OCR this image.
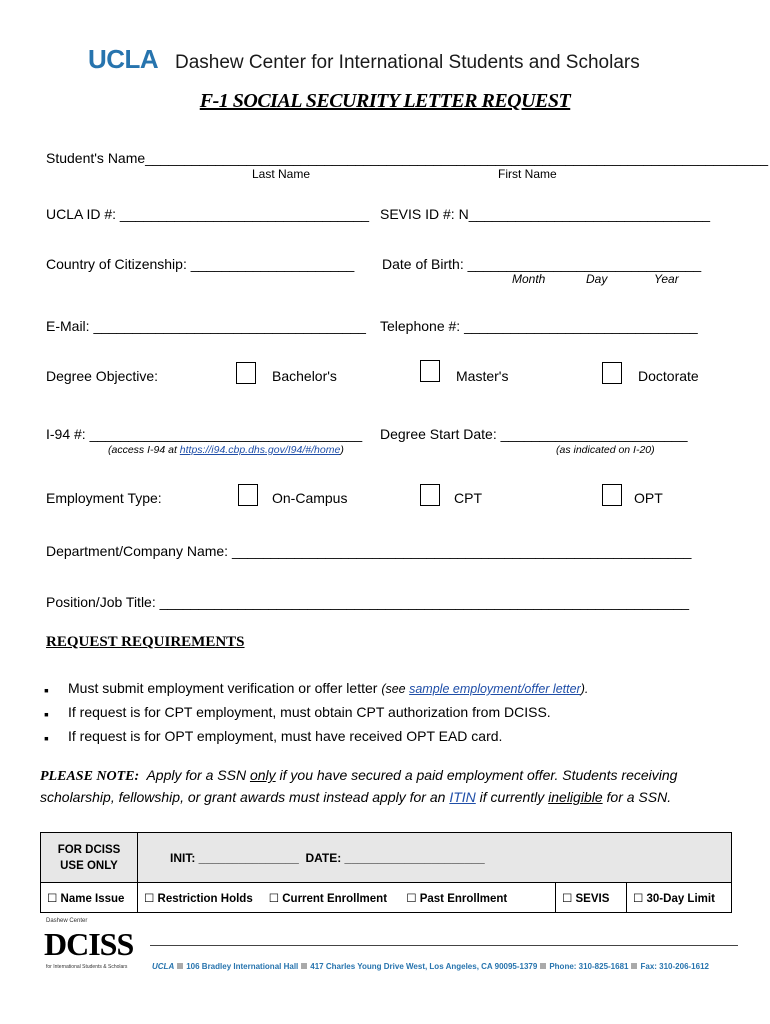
UCLA Dashew Center for International Students and Scholars
F-1 SOCIAL SECURITY LETTER REQUEST
Student's Name________________________________________________________________________________
Last Name	First Name
UCLA ID #: ________________________________ SEVIS ID #: N_______________________________
Country of Citizenship: _____________________ Date of Birth: ______________________________
Month	Day	Year
E-Mail: ___________________________________ Telephone #: ______________________________
Degree Objective:	Bachelor's	Master's	Doctorate
I-94 #: ___________________________________
(access I-94 at https://i94.cbp.dhs.gov/I94/#/home)
Degree Start Date: ________________________
(as indicated on I-20)
Employment Type:	On-Campus	CPT	OPT
Department/Company Name: ___________________________________________________________
Position/Job Title: ____________________________________________________________________
REQUEST REQUIREMENTS
▪ Must submit employment verification or offer letter (see sample employment/offer letter).
▪ If request is for CPT employment, must obtain CPT authorization from DCISS.
▪ If request is for OPT employment, must have received OPT EAD card.
PLEASE NOTE: Apply for a SSN only if you have secured a paid employment offer. Students receiving scholarship, fellowship, or grant awards must instead apply for an ITIN if currently ineligible for a SSN.
FOR DCISS USE ONLY	INIT: _______________ DATE: _____________________		
☐ Name Issue	☐ Restriction Holds ☐ Current Enrollment ☐ Past Enrollment	☐ SEVIS	☐ 30-Day Limit
Dashew Center
DCISS
for International Students & Scholars	UCLA 106 Bradley International Hall 417 Charles Young Drive West, Los Angeles, CA 90095-1379 Phone: 310-825-1681 Fax: 310-206-1612
